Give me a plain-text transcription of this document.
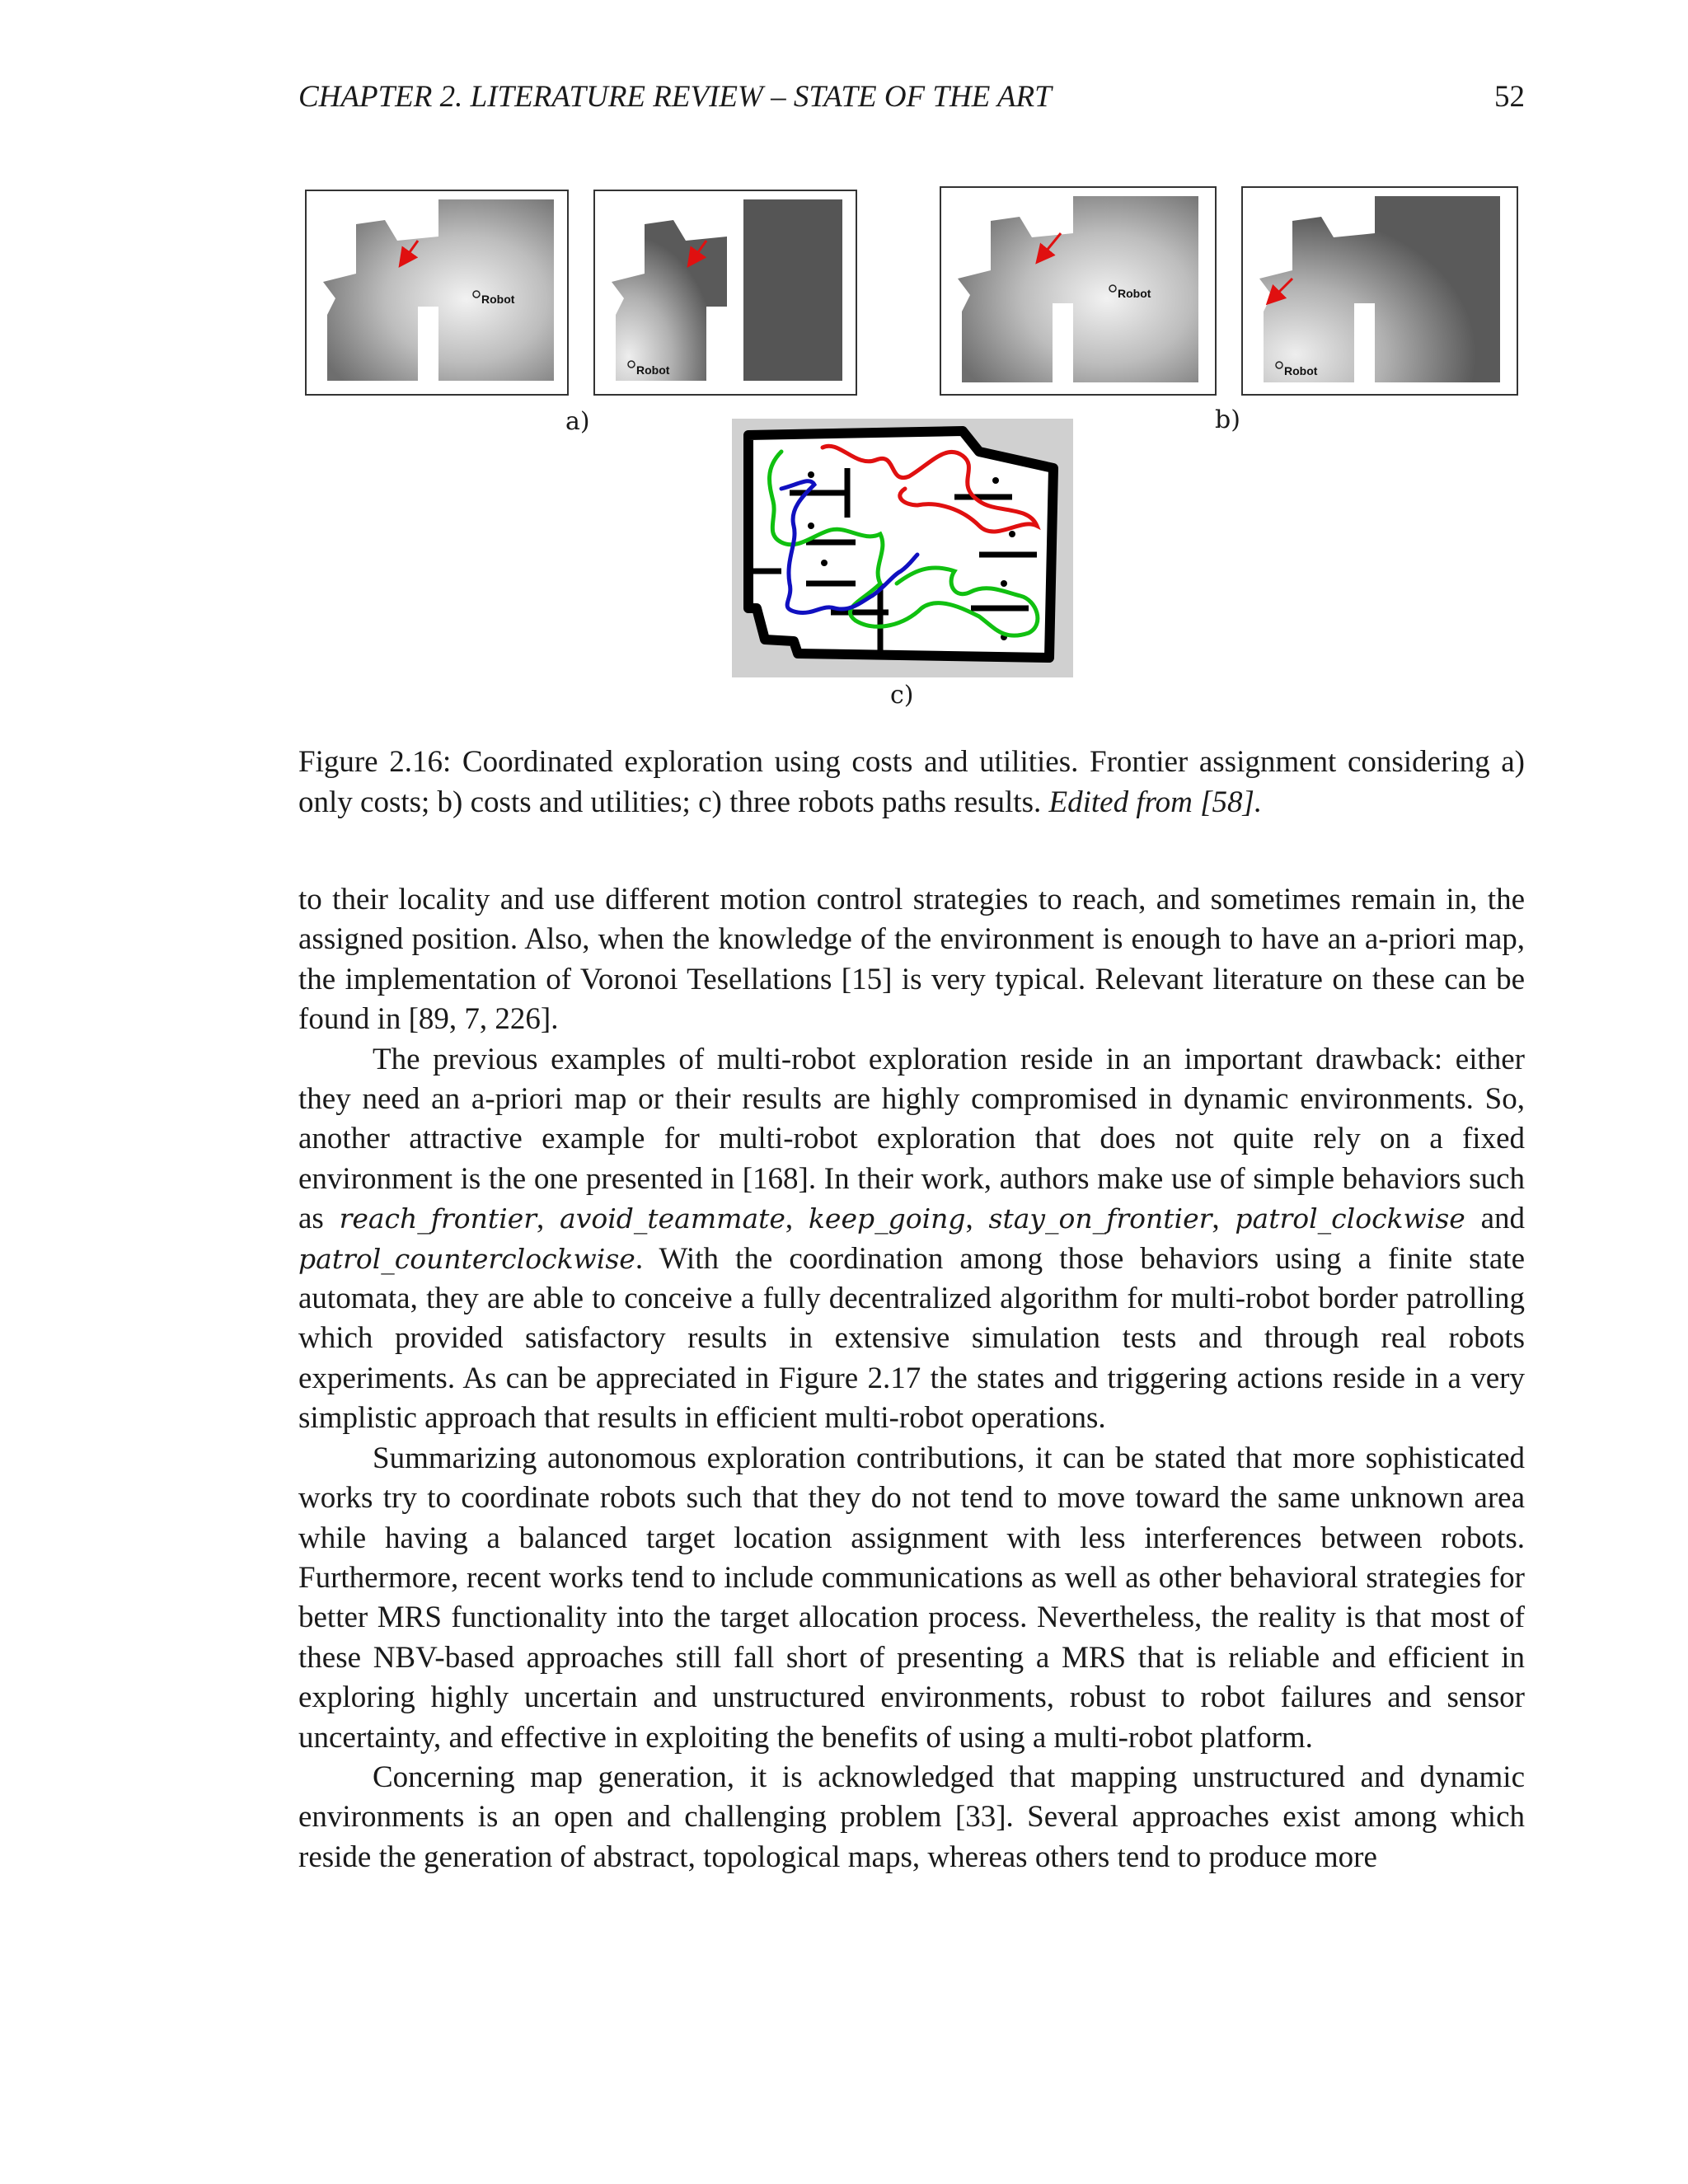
CHAPTER 2. LITERATURE REVIEW – STATE OF THE ART	52
Robot
Robot
Robot
Robot
a)	b)
c)
Figure 2.16: Coordinated exploration using costs and utilities. Frontier assignment considering a) only costs; b) costs and utilities; c) three robots paths results. Edited from [58].

to their locality and use different motion control strategies to reach, and sometimes remain in, the assigned position. Also, when the knowledge of the environment is enough to have an a-priori map, the implementation of Voronoi Tesellations [15] is very typical. Relevant literature on these can be found in [89, 7, 226].

The previous examples of multi-robot exploration reside in an important drawback: either they need an a-priori map or their results are highly compromised in dynamic environments. So, another attractive example for multi-robot exploration that does not quite rely on a fixed environment is the one presented in [168]. In their work, authors make use of simple behaviors such as reach_frontier, avoid_teammate, keep_going, stay_on_frontier, patrol_clockwise and patrol_counterclockwise. With the coordination among those behaviors using a finite state automata, they are able to conceive a fully decentralized algorithm for multi-robot border patrolling which provided satisfactory results in extensive simulation tests and through real robots experiments. As can be appreciated in Figure 2.17 the states and triggering actions reside in a very simplistic approach that results in efficient multi-robot operations.

Summarizing autonomous exploration contributions, it can be stated that more sophisticated works try to coordinate robots such that they do not tend to move toward the same unknown area while having a balanced target location assignment with less interferences between robots. Furthermore, recent works tend to include communications as well as other behavioral strategies for better MRS functionality into the target allocation process. Nevertheless, the reality is that most of these NBV-based approaches still fall short of presenting a MRS that is reliable and efficient in exploring highly uncertain and unstructured environments, robust to robot failures and sensor uncertainty, and effective in exploiting the benefits of using a multi-robot platform.

Concerning map generation, it is acknowledged that mapping unstructured and dynamic environments is an open and challenging problem [33]. Several approaches exist among which reside the generation of abstract, topological maps, whereas others tend to produce more
